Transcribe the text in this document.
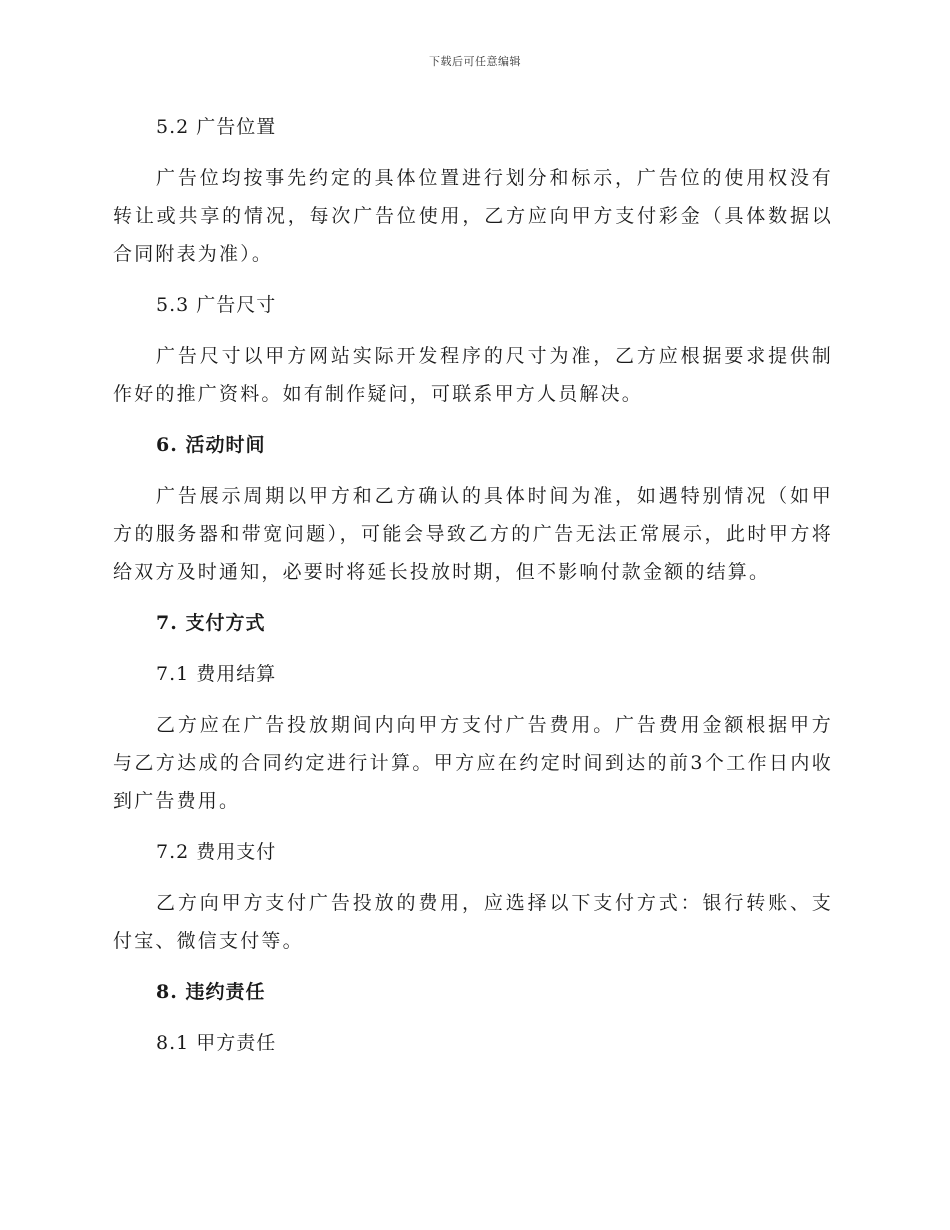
下载后可任意编辑

5.2 广告位置

广告位均按事先约定的具体位置进行划分和标示，广告位的使用权没有转让或共享的情况，每次广告位使用，乙方应向甲方支付彩金（具体数据以合同附表为准）。

5.3 广告尺寸

广告尺寸以甲方网站实际开发程序的尺寸为准，乙方应根据要求提供制作好的推广资料。如有制作疑问，可联系甲方人员解决。

6. 活动时间

广告展示周期以甲方和乙方确认的具体时间为准，如遇特别情况（如甲方的服务器和带宽问题），可能会导致乙方的广告无法正常展示，此时甲方将给双方及时通知，必要时将延长投放时期，但不影响付款金额的结算。

7. 支付方式

7.1 费用结算

乙方应在广告投放期间内向甲方支付广告费用。广告费用金额根据甲方与乙方达成的合同约定进行计算。甲方应在约定时间到达的前3个工作日内收到广告费用。

7.2 费用支付

乙方向甲方支付广告投放的费用，应选择以下支付方式：银行转账、支付宝、微信支付等。

8. 违约责任

8.1 甲方责任
